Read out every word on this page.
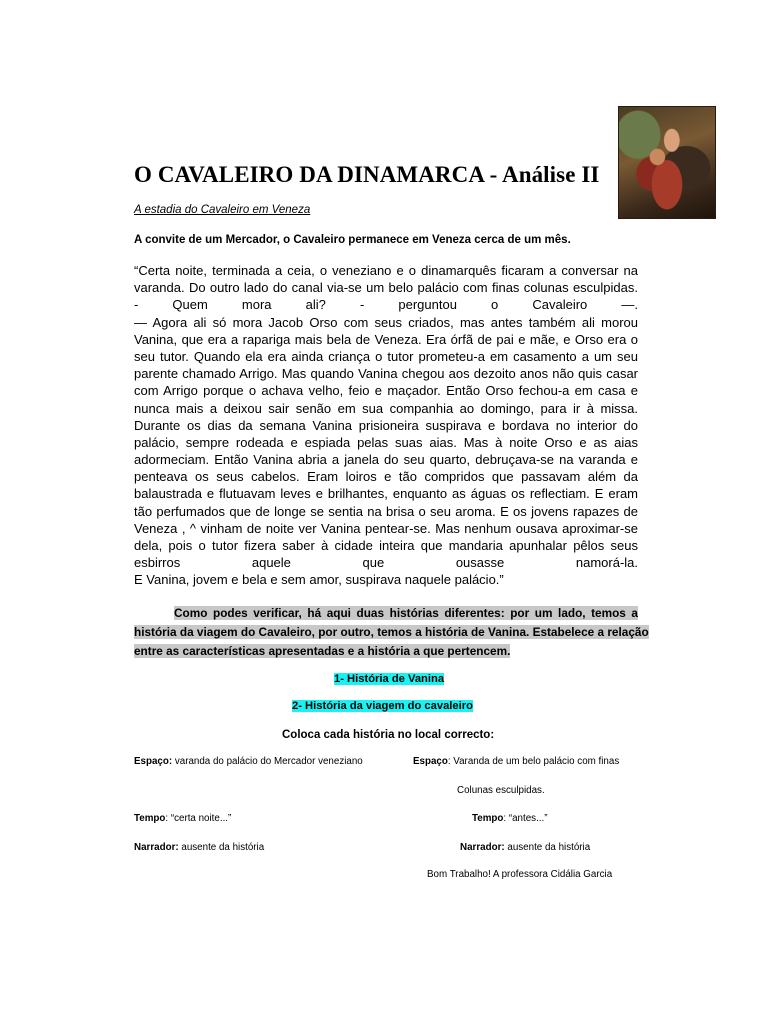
O CAVALEIRO DA DINAMARCA - Análise II
A estadia do Cavaleiro em Veneza
A convite de um Mercador, o Cavaleiro permanece em Veneza cerca de um mês.
“Certa noite, terminada a ceia, o veneziano e o dinamarquês ficaram a conversar na
varanda. Do outro lado do canal via-se um belo palácio com finas colunas esculpidas.
- Quem mora ali? - perguntou o Cavaleiro —.
— Agora ali só mora Jacob Orso com seus criados, mas antes também ali morou
Vanina, que era a rapariga mais bela de Veneza. Era órfã de pai e mãe, e Orso era o
seu tutor. Quando ela era ainda criança o tutor prometeu-a em casamento a um seu
parente chamado Arrigo. Mas quando Vanina chegou aos dezoito anos não quis casar
com Arrigo porque o achava velho, feio e maçador. Então Orso fechou-a em casa e
nunca mais a deixou sair senão em sua companhia ao domingo, para ir à missa.
Durante os dias da semana Vanina prisioneira suspirava e bordava no interior do
palácio, sempre rodeada e espiada pelas suas aias. Mas à noite Orso e as aias
adormeciam. Então Vanina abria a janela do seu quarto, debruçava-se na varanda e
penteava os seus cabelos. Eram loiros e tão compridos que passavam além da
balaustrada e flutuavam leves e brilhantes, enquanto as águas os reflectiam. E eram
tão perfumados que de longe se sentia na brisa o seu aroma. E os jovens rapazes de
Veneza , ^ vinham de noite ver Vanina pentear-se. Mas nenhum ousava aproximar-se
dela, pois o tutor fizera saber à cidade inteira que mandaria apunhalar pêlos seus
esbirros aquele que ousasse namorá-la.
E Vanina, jovem e bela e sem amor, suspirava naquele palácio.”
Como podes verificar, há aqui duas histórias diferentes: por um lado, temos a
história da viagem do Cavaleiro, por outro, temos a história de Vanina. Estabelece a relação
entre as características apresentadas e a história a que pertencem.
1- História de Vanina
2- História da viagem do cavaleiro
Coloca cada história no local correcto:
Espaço: varanda do palácio do Mercador veneziano	Espaço: Varanda de um belo palácio com finas
Colunas esculpidas.
Tempo: “certa noite...”	Tempo: “antes...”
Narrador: ausente da história	Narrador: ausente da história
Bom Trabalho! A professora Cidália Garcia
